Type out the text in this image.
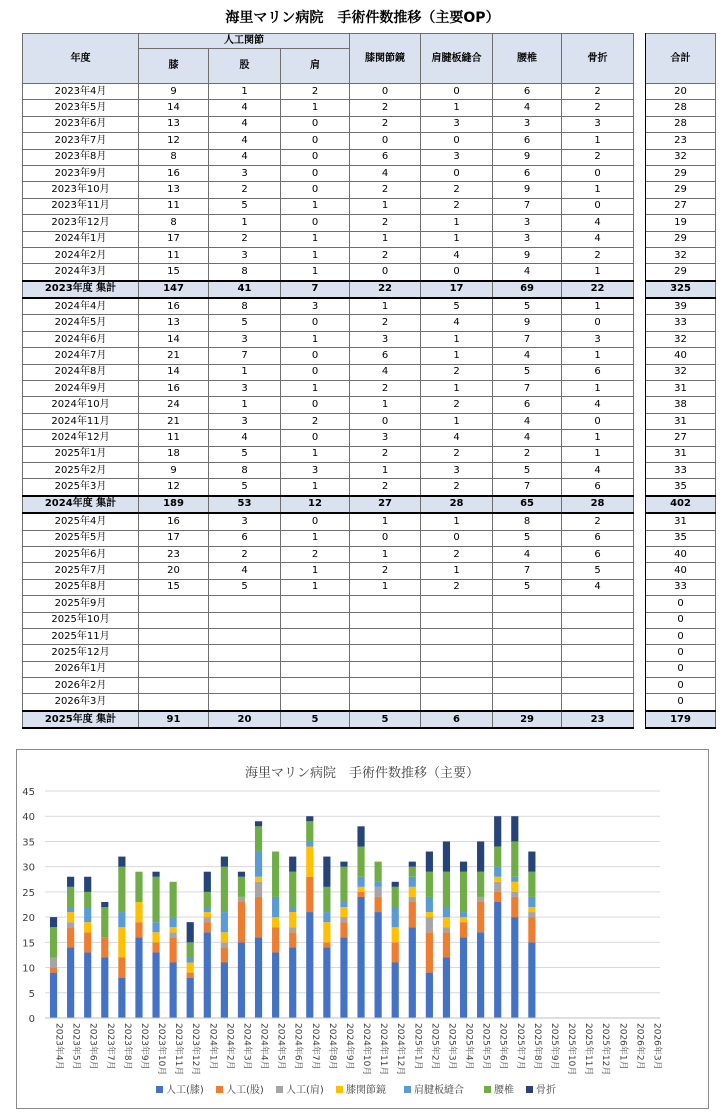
海里マリン病院　手術件数推移（主要OP）
年度	人工関節			膝関節鏡	肩腱板縫合	腰椎	骨折		合計
	膝	股	肩						
2023年4月	9	1	2	0	0	6	2		20
2023年5月	14	4	1	2	1	4	2		28
2023年6月	13	4	0	2	3	3	3		28
2023年7月	12	4	0	0	0	6	1		23
2023年8月	8	4	0	6	3	9	2		32
2023年9月	16	3	0	4	0	6	0		29
2023年10月	13	2	0	2	2	9	1		29
2023年11月	11	5	1	1	2	7	0		27
2023年12月	8	1	0	2	1	3	4		19
2024年1月	17	2	1	1	1	3	4		29
2024年2月	11	3	1	2	4	9	2		32
2024年3月	15	8	1	0	0	4	1		29
2023年度 集計	147	41	7	22	17	69	22		325
2024年4月	16	8	3	1	5	5	1		39
2024年5月	13	5	0	2	4	9	0		33
2024年6月	14	3	1	3	1	7	3		32
2024年7月	21	7	0	6	1	4	1		40
2024年8月	14	1	0	4	2	5	6		32
2024年9月	16	3	1	2	1	7	1		31
2024年10月	24	1	0	1	2	6	4		38
2024年11月	21	3	2	0	1	4	0		31
2024年12月	11	4	0	3	4	4	1		27
2025年1月	18	5	1	2	2	2	1		31
2025年2月	9	8	3	1	3	5	4		33
2025年3月	12	5	1	2	2	7	6		35
2024年度 集計	189	53	12	27	28	65	28		402
2025年4月	16	3	0	1	1	8	2		31
2025年5月	17	6	1	0	0	5	6		35
2025年6月	23	2	2	1	2	4	6		40
2025年7月	20	4	1	2	1	7	5		40
2025年8月	15	5	1	1	2	5	4		33
2025年9月									0
2025年10月									0
2025年11月									0
2025年12月									0
2026年1月									0
2026年2月									0
2026年3月									0
2025年度 集計	91	20	5	5	6	29	23		179
海里マリン病院　手術件数推移（主要）
0
5
10
15
20
25
30
35
40
45
2023年4月 2023年5月 2023年6月 2023年7月 2023年8月 2023年9月 2023年10月 2023年11月 2023年12月 2024年1月 2024年2月 2024年3月 2024年4月 2024年5月 2024年6月 2024年7月 2024年8月 2024年9月 2024年10月 2024年11月 2024年12月 2025年1月 2025年2月 2025年3月 2025年4月 2025年5月 2025年6月 2025年7月 2025年8月 2025年9月 2025年10月 2025年11月 2025年12月 2026年1月 2026年2月 2026年3月
人工(膝) 人工(股) 人工(肩) 膝関節鏡	肩腱板縫合	腰椎 骨折
